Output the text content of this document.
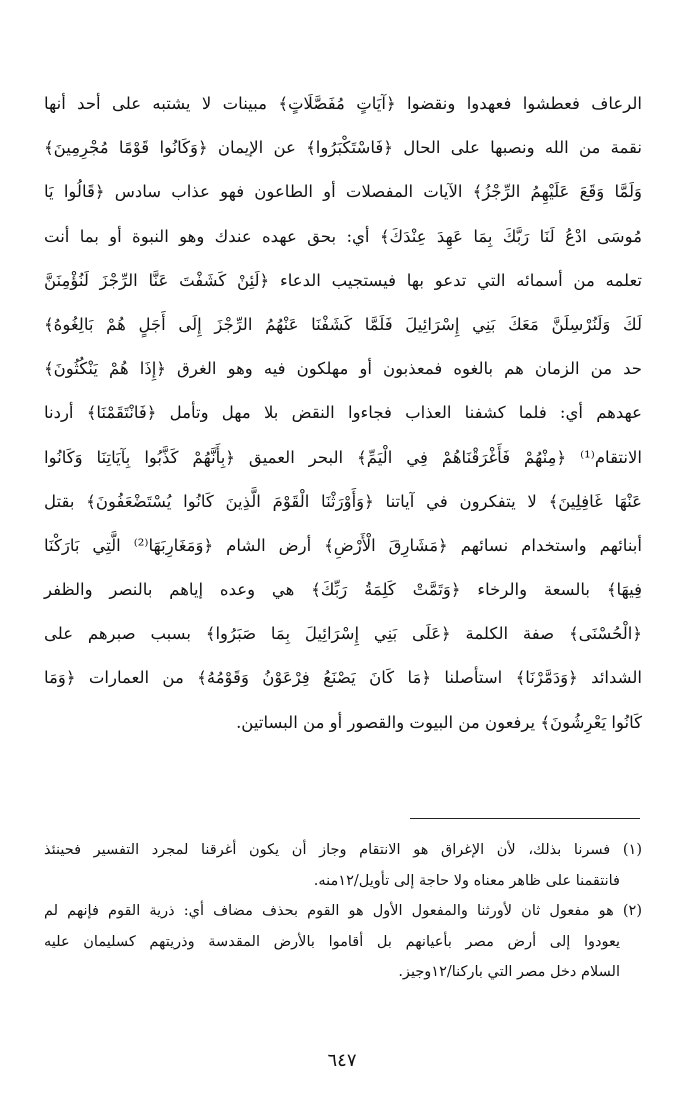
الرعاف فعطشوا فعهدوا ونقضوا ﴿آيَاتٍ مُفَصَّلَاتٍ﴾ مبينات لا يشتبه على أحد أنها
نقمة من الله ونصبها على الحال ﴿فَاسْتَكْبَرُوا﴾ عن الإيمان ﴿وَكَانُوا قَوْمًا مُجْرِمِينَ﴾
وَلَمَّا وَقَعَ عَلَيْهِمُ الرِّجْزُ﴾ الآيات المفصلات أو الطاعون فهو عذاب سادس ﴿قَالُوا يَا
مُوسَى ادْعُ لَنَا رَبَّكَ بِمَا عَهِدَ عِنْدَكَ﴾ أي: بحق عهده عندك وهو النبوة أو بما أنت
تعلمه من أسمائه التي تدعو بها فيستجيب الدعاء ﴿لَئِنْ كَشَفْتَ عَنَّا الرِّجْزَ لَنُؤْمِنَنَّ
لَكَ وَلَنُرْسِلَنَّ مَعَكَ بَنِي إِسْرَائِيلَ فَلَمَّا كَشَفْنَا عَنْهُمُ الرِّجْزَ إِلَى أَجَلٍ هُمْ بَالِغُوهُ﴾
حد من الزمان هم بالغوه فمعذبون أو مهلكون فيه وهو الغرق ﴿إِذَا هُمْ يَنْكُثُونَ﴾
عهدهم أي: فلما كشفنا العذاب فجاءوا النقض بلا مهل وتأمل ﴿فَانْتَقَمْنَا﴾ أردنا
الانتقام⁽¹⁾ ﴿مِنْهُمْ فَأَغْرَقْنَاهُمْ فِي الْيَمِّ﴾ البحر العميق ﴿بِأَنَّهُمْ كَذَّبُوا بِآيَاتِنَا وَكَانُوا
عَنْهَا غَافِلِينَ﴾ لا يتفكرون في آياتنا ﴿وَأَوْرَثْنَا الْقَوْمَ الَّذِينَ كَانُوا يُسْتَضْعَفُونَ﴾ بقتل
أبنائهم واستخدام نسائهم ﴿مَشَارِقَ الْأَرْضِ﴾ أرض الشام ﴿وَمَغَارِبَهَا⁽²⁾ الَّتِي بَارَكْنَا
فِيهَا﴾ بالسعة والرخاء ﴿وَتَمَّتْ كَلِمَةُ رَبِّكَ﴾ هي وعده إياهم بالنصر والظفر
﴿الْحُسْنَى﴾ صفة الكلمة ﴿عَلَى بَنِي إِسْرَائِيلَ بِمَا صَبَرُوا﴾ بسبب صبرهم على
الشدائد ﴿وَدَمَّرْنَا﴾ استأصلنا ﴿مَا كَانَ يَصْنَعُ فِرْعَوْنُ وَقَوْمُهُ﴾ من العمارات ﴿وَمَا
كَانُوا يَعْرِشُونَ﴾ يرفعون من البيوت والقصور أو من البساتين.
(١) فسرنا بذلك، لأن الإغراق هو الانتقام وجاز أن يكون أغرقنا لمجرد التفسير فحينئذ
فانتقمنا على ظاهر معناه ولا حاجة إلى تأويل/١٢منه.
(٢) هو مفعول ثان لأورثنا والمفعول الأول هو القوم بحذف مضاف أي: ذرية القوم فإنهم لم
يعودوا إلى أرض مصر بأعيانهم بل أقاموا بالأرض المقدسة وذريتهم كسليمان عليه
السلام دخل مصر التي باركنا/١٢وجيز.
٦٤٧
